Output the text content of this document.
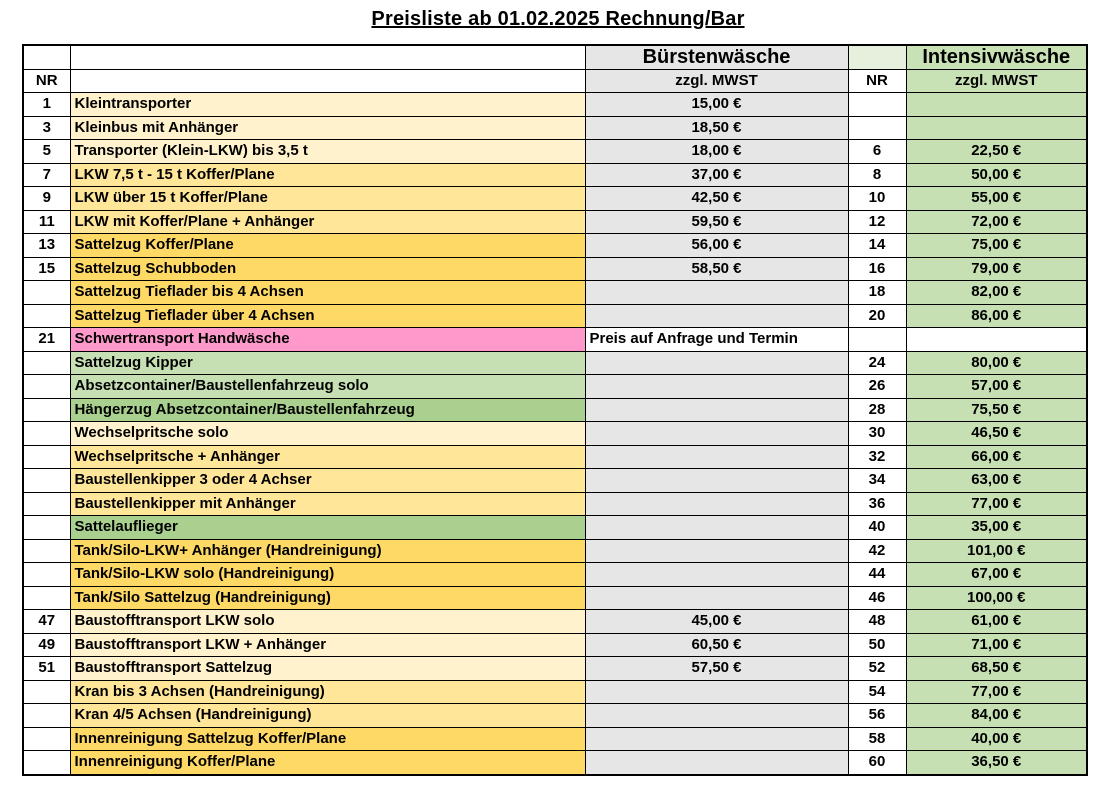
Preisliste ab 01.02.2025 Rechnung/Bar
		Bürstenwäsche		Intensivwäsche
NR		zzgl. MWST	NR	zzgl. MWST
1	Kleintransporter	15,00 €		
3	Kleinbus mit Anhänger	18,50 €		
5	Transporter (Klein-LKW) bis 3,5 t	18,00 €	6	22,50 €
7	LKW 7,5 t - 15 t Koffer/Plane	37,00 €	8	50,00 €
9	LKW über 15 t Koffer/Plane	42,50 €	10	55,00 €
11	LKW mit Koffer/Plane + Anhänger	59,50 €	12	72,00 €
13	Sattelzug Koffer/Plane	56,00 €	14	75,00 €
15	Sattelzug Schubboden	58,50 €	16	79,00 €
	Sattelzug Tieflader bis 4 Achsen		18	82,00 €
	Sattelzug Tieflader über 4 Achsen		20	86,00 €
21	Schwertransport Handwäsche	Preis auf Anfrage und Termin		
	Sattelzug Kipper		24	80,00 €
	Absetzcontainer/Baustellenfahrzeug solo		26	57,00 €
	Hängerzug Absetzcontainer/Baustellenfahrzeug		28	75,50 €
	Wechselpritsche solo		30	46,50 €
	Wechselpritsche + Anhänger		32	66,00 €
	Baustellenkipper 3 oder 4 Achser		34	63,00 €
	Baustellenkipper mit Anhänger		36	77,00 €
	Sattelauflieger		40	35,00 €
	Tank/Silo-LKW+ Anhänger (Handreinigung)		42	101,00 €
	Tank/Silo-LKW solo (Handreinigung)		44	67,00 €
	Tank/Silo Sattelzug (Handreinigung)		46	100,00 €
47	Baustofftransport LKW solo	45,00 €	48	61,00 €
49	Baustofftransport LKW + Anhänger	60,50 €	50	71,00 €
51	Baustofftransport Sattelzug	57,50 €	52	68,50 €
	Kran bis 3 Achsen (Handreinigung)		54	77,00 €
	Kran 4/5 Achsen (Handreinigung)		56	84,00 €
	Innenreinigung Sattelzug Koffer/Plane		58	40,00 €
	Innenreinigung Koffer/Plane		60	36,50 €
